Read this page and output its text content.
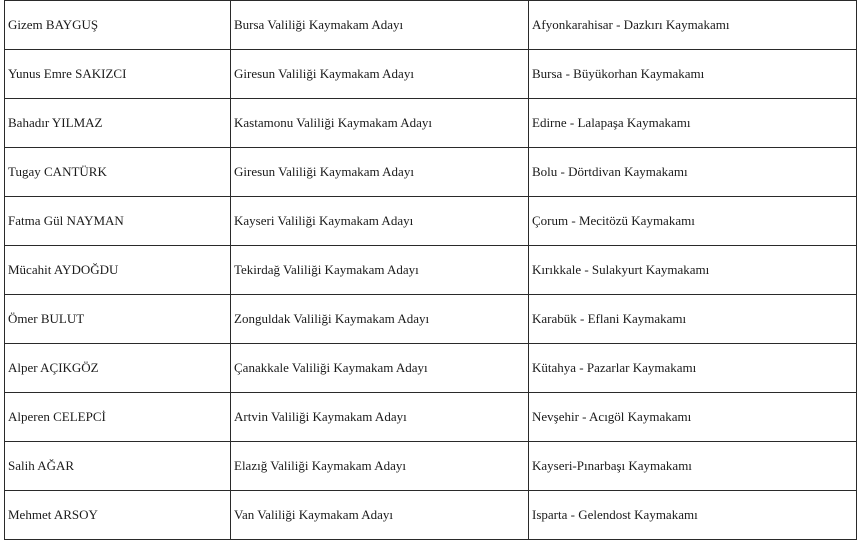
Gizem BAYGUŞ	Bursa Valiliği Kaymakam Adayı	Afyonkarahisar - Dazkırı Kaymakamı
Yunus Emre SAKIZCI	Giresun Valiliği Kaymakam Adayı	Bursa - Büyükorhan Kaymakamı
Bahadır YILMAZ	Kastamonu Valiliği Kaymakam Adayı	Edirne - Lalapaşa Kaymakamı
Tugay CANTÜRK	Giresun Valiliği Kaymakam Adayı	Bolu - Dörtdivan Kaymakamı
Fatma Gül NAYMAN	Kayseri Valiliği Kaymakam Adayı	Çorum - Mecitözü Kaymakamı
Mücahit AYDOĞDU	Tekirdağ Valiliği Kaymakam Adayı	Kırıkkale - Sulakyurt Kaymakamı
Ömer BULUT	Zonguldak Valiliği Kaymakam Adayı	Karabük - Eflani Kaymakamı
Alper AÇIKGÖZ	Çanakkale Valiliği Kaymakam Adayı	Kütahya - Pazarlar Kaymakamı
Alperen CELEPCİ	Artvin Valiliği Kaymakam Adayı	Nevşehir - Acıgöl Kaymakamı
Salih AĞAR	Elazığ Valiliği Kaymakam Adayı	Kayseri-Pınarbaşı Kaymakamı
Mehmet ARSOY	Van Valiliği Kaymakam Adayı	Isparta - Gelendost Kaymakamı
